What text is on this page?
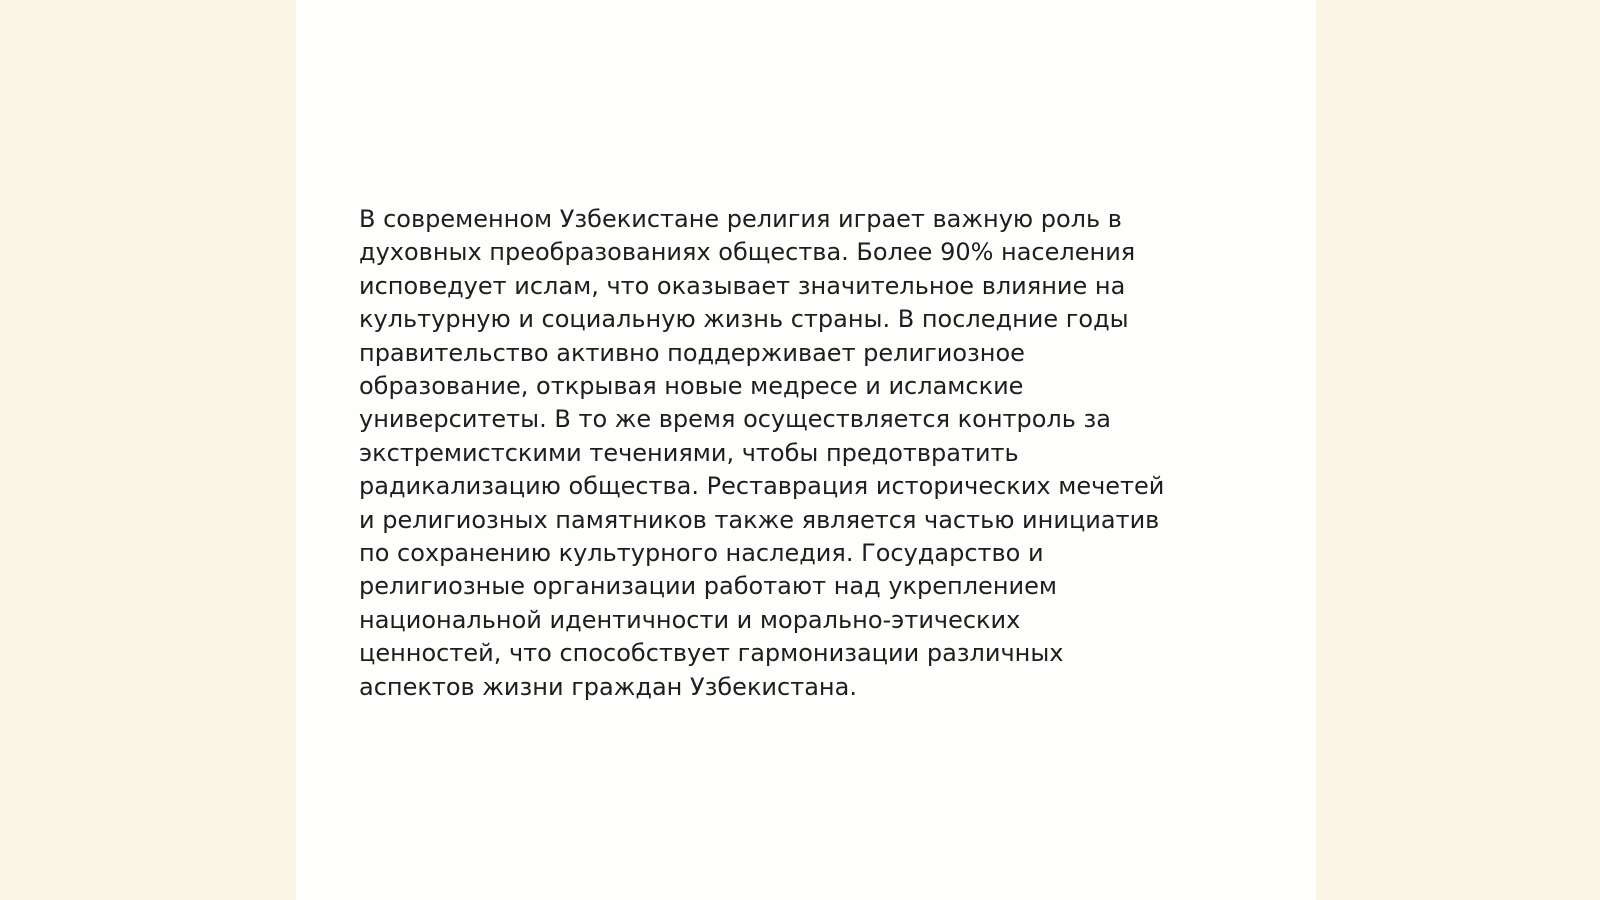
В современном Узбекистане религия играет важную роль в
духовных преобразованиях общества. Более 90% населения
исповедует ислам, что оказывает значительное влияние на
культурную и социальную жизнь страны. В последние годы
правительство активно поддерживает религиозное
образование, открывая новые медресе и исламские
университеты. В то же время осуществляется контроль за
экстремистскими течениями, чтобы предотвратить
радикализацию общества. Реставрация исторических мечетей
и религиозных памятников также является частью инициатив
по сохранению культурного наследия. Государство и
религиозные организации работают над укреплением
национальной идентичности и морально-этических
ценностей, что способствует гармонизации различных
аспектов жизни граждан Узбекистана.
